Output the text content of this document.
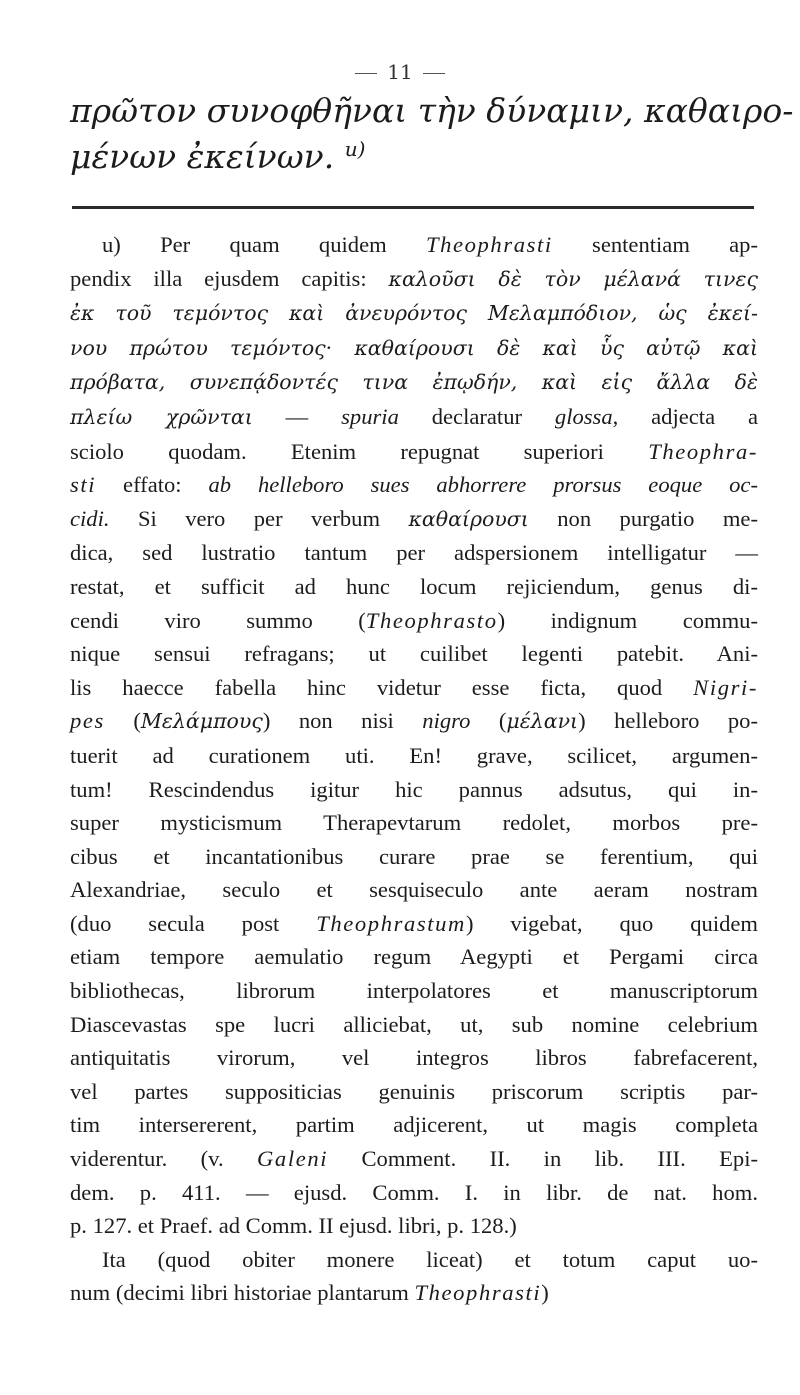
11

πρῶτον συνοφθῆναι τὴν δύναμιν, καθαιρο-

μένων ἐκείνων. $^{u)}$

u) Per quam quidem Theophrasti sententiam ap-
pendix illa ejusdem capitis: καλοῦσι δὲ τὸν μέλανά τινες
ἐκ τοῦ τεμόντος καὶ ἀνευρόντος Μελαμπόδιον, ὡς ἐκεί-
νου πρώτου τεμόντος· καθαίρουσι δὲ καὶ ὗς αὐτῷ καὶ
πρόβατα, συνεπᾴδοντές τινα ἐπῳδήν, καὶ εἰς ἄλλα δὲ
πλείω χρῶνται — spuria declaratur glossa, adjecta a
sciolo quodam. Etenim repugnat superiori Theophra-
sti effato: ab helleboro sues abhorrere prorsus eoque oc-
cidi. Si vero per verbum καθαίρουσι non purgatio me-
dica, sed lustratio tantum per adspersionem intelligatur —
restat, et sufficit ad hunc locum rejiciendum, genus di-
cendi viro summo (Theophrasto) indignum commu-
nique sensui refragans; ut cuilibet legenti patebit. Ani-
lis haecce fabella hinc videtur esse ficta, quod Nigri-
pes (Μελάμπους) non nisi nigro (μέλανι) helleboro po-
tuerit ad curationem uti. En! grave, scilicet, argumen-
tum! Rescindendus igitur hic pannus adsutus, qui in-
super mysticismum Therapevtarum redolet, morbos pre-
cibus et incantationibus curare prae se ferentium, qui
Alexandriae, seculo et sesquiseculo ante aeram nostram
(duo secula post Theophrastum) vigebat, quo quidem
etiam tempore aemulatio regum Aegypti et Pergami circa
bibliothecas, librorum interpolatores et manuscriptorum
Diascevastas spe lucri alliciebat, ut, sub nomine celebrium
antiquitatis virorum, vel integros libros fabrefacerent,
vel partes suppositicias genuinis priscorum scriptis par-
tim intersererent, partim adjicerent, ut magis completa
viderentur. (v. Galeni Comment. II. in lib. III. Epi-
dem. p. 411. — ejusd. Comm. I. in libr. de nat. hom.
p. 127. et Praef. ad Comm. II ejusd. libri, p. 128.)
Ita (quod obiter monere liceat) et totum caput uo-
num (decimi libri historiae plantarum Theophrasti)
